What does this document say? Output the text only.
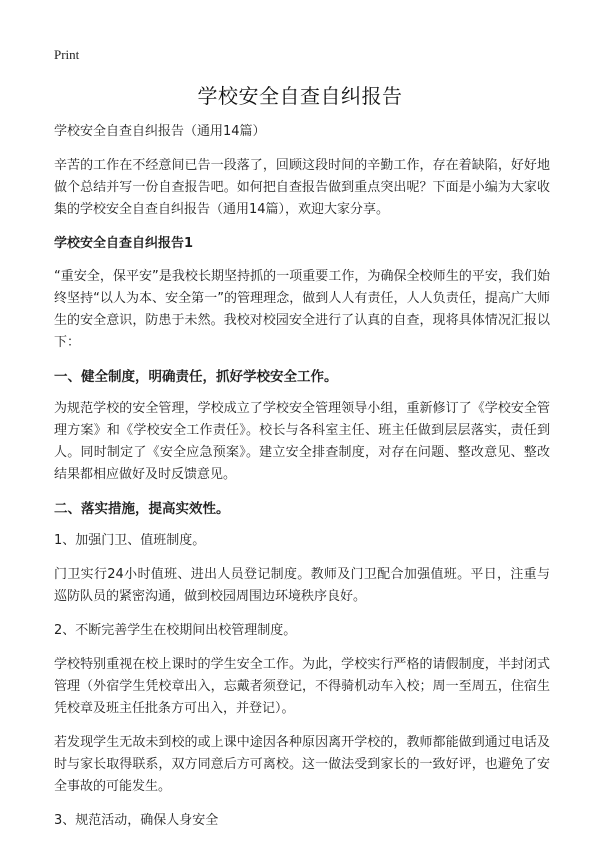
Print
学校安全自查自纠报告

学校安全自查自纠报告（通用14篇）

辛苦的工作在不经意间已告一段落了，回顾这段时间的辛勤工作，存在着缺陷，好好地做个总结并写一份自查报告吧。如何把自查报告做到重点突出呢？下面是小编为大家收集的学校安全自查自纠报告（通用14篇），欢迎大家分享。

学校安全自查自纠报告1

“重安全，保平安”是我校长期坚持抓的一项重要工作，为确保全校师生的平安，我们始终坚持“以人为本、安全第一”的管理理念，做到人人有责任，人人负责任，提高广大师生的安全意识，防患于未然。我校对校园安全进行了认真的自查，现将具体情况汇报以下：

一、健全制度，明确责任，抓好学校安全工作。

为规范学校的安全管理，学校成立了学校安全管理领导小组，重新修订了《学校安全管理方案》和《学校安全工作责任》。校长与各科室主任、班主任做到层层落实，责任到人。同时制定了《安全应急预案》。建立安全排查制度，对存在问题、整改意见、整改结果都相应做好及时反馈意见。

二、落实措施，提高实效性。

1、加强门卫、值班制度。

门卫实行24小时值班、进出人员登记制度。教师及门卫配合加强值班。平日，注重与巡防队员的紧密沟通，做到校园周围边环境秩序良好。

2、不断完善学生在校期间出校管理制度。

学校特别重视在校上课时的学生安全工作。为此，学校实行严格的请假制度，半封闭式管理（外宿学生凭校章出入，忘戴者须登记，不得骑机动车入校；周一至周五，住宿生凭校章及班主任批条方可出入，并登记）。

若发现学生无故未到校的或上课中途因各种原因离开学校的，教师都能做到通过电话及时与家长取得联系，双方同意后方可离校。这一做法受到家长的一致好评，也避免了安全事故的可能发生。

3、规范活动，确保人身安全
